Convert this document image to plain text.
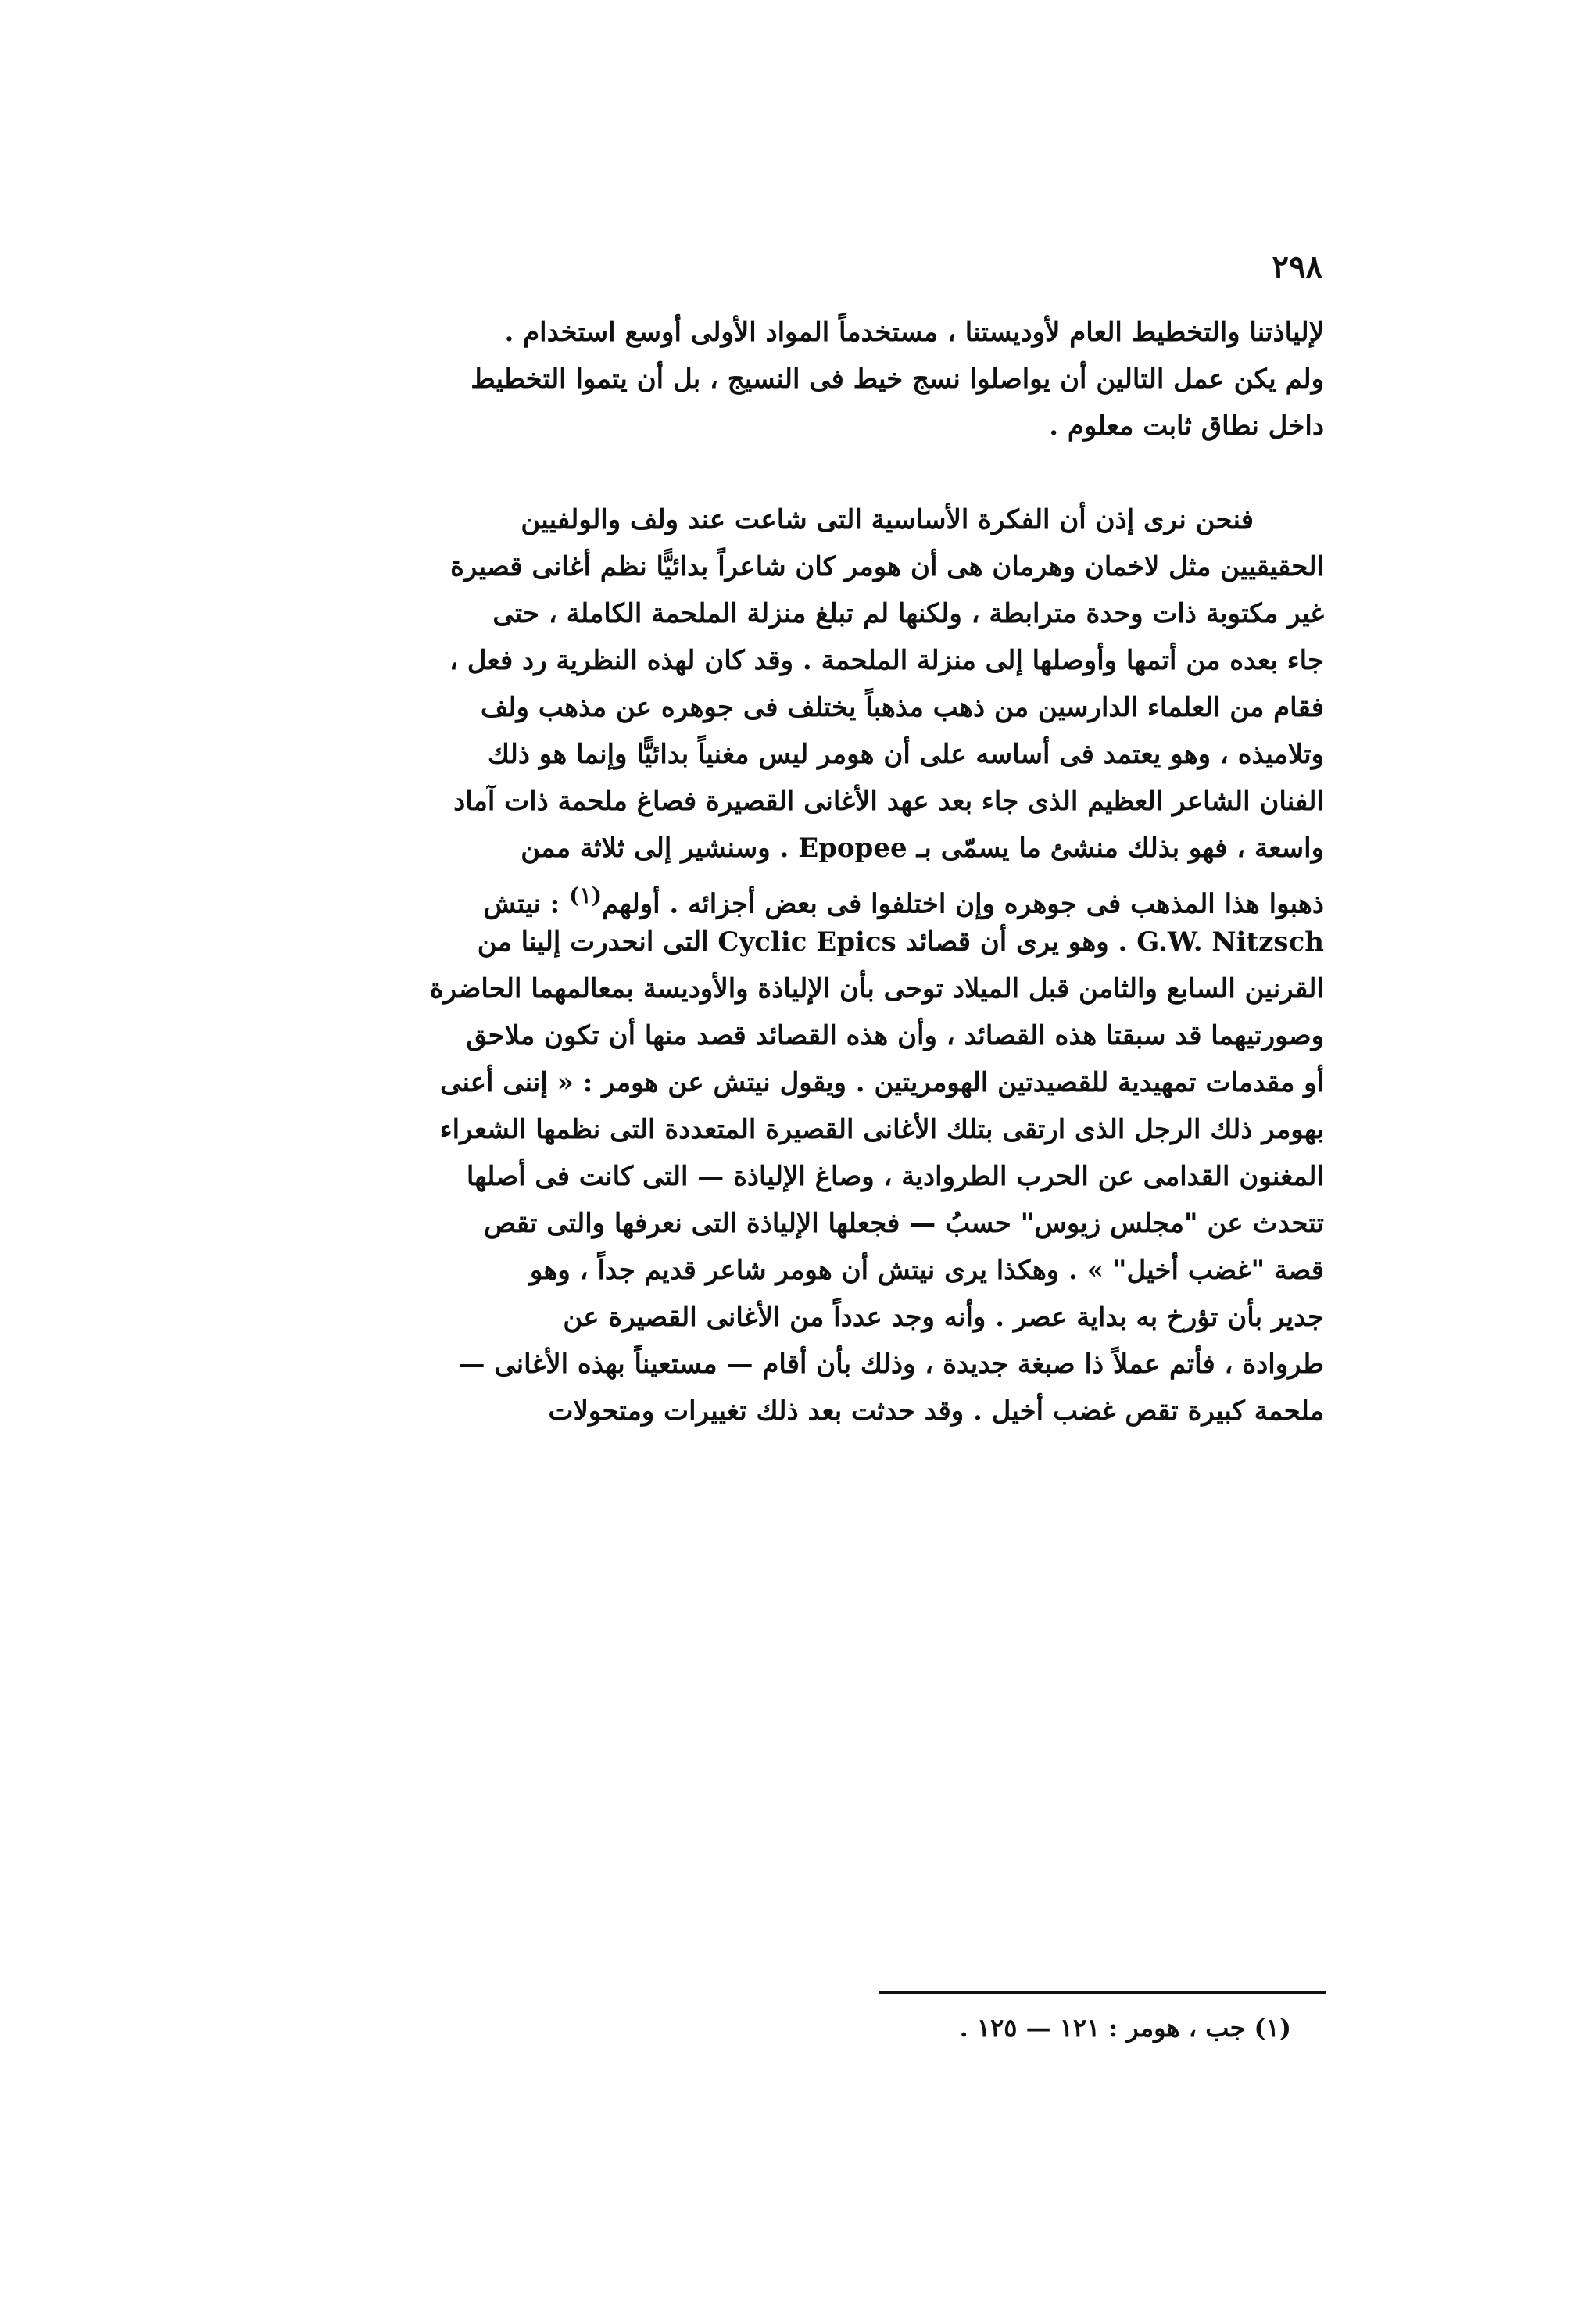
٢٩٨
لإلياذتنا والتخطيط العام لأوديستنا ، مستخدماً المواد الأولى أوسع استخدام .
ولم يكن عمل التالين أن يواصلوا نسج خيط فى النسيج ، بل أن يتموا التخطيط
داخل نطاق ثابت معلوم .
فنحن نرى إذن أن الفكرة الأساسية التى شاعت عند ولف والولفيين
الحقيقيين مثل لاخمان وهرمان هى أن هومر كان شاعراً بدائيًّا نظم أغانى قصيرة
غير مكتوبة ذات وحدة مترابطة ، ولكنها لم تبلغ منزلة الملحمة الكاملة ، حتى
جاء بعده من أتمها وأوصلها إلى منزلة الملحمة . وقد كان لهذه النظرية رد فعل ،
فقام من العلماء الدارسين من ذهب مذهباً يختلف فى جوهره عن مذهب ولف
وتلاميذه ، وهو يعتمد فى أساسه على أن هومر ليس مغنياً بدائيًّا وإنما هو ذلك
الفنان الشاعر العظيم الذى جاء بعد عهد الأغانى القصيرة فصاغ ملحمة ذات آماد
واسعة ، فهو بذلك منشئ ما يسمّى بـ Epopee . وسنشير إلى ثلاثة ممن
ذهبوا هذا المذهب فى جوهره وإن اختلفوا فى بعض أجزائه . أولهم$^{(١)}$ : نيتش
G.W. Nitzsch . وهو يرى أن قصائد Cyclic Epics التى انحدرت إلينا من
القرنين السابع والثامن قبل الميلاد توحى بأن الإلياذة والأوديسة بمعالمهما الحاضرة
وصورتيهما قد سبقتا هذه القصائد ، وأن هذه القصائد قصد منها أن تكون ملاحق
أو مقدمات تمهيدية للقصيدتين الهومريتين . ويقول نيتش عن هومر : « إننى أعنى
بهومر ذلك الرجل الذى ارتقى بتلك الأغانى القصيرة المتعددة التى نظمها الشعراء
المغنون القدامى عن الحرب الطروادية ، وصاغ الإلياذة — التى كانت فى أصلها
تتحدث عن "مجلس زيوس" حسبُ — فجعلها الإلياذة التى نعرفها والتى تقص
قصة "غضب أخيل" » . وهكذا يرى نيتش أن هومر شاعر قديم جداً ، وهو
جدير بأن تؤرخ به بداية عصر . وأنه وجد عدداً من الأغانى القصيرة عن
طروادة ، فأتم عملاً ذا صبغة جديدة ، وذلك بأن أقام — مستعيناً بهذه الأغانى —
ملحمة كبيرة تقص غضب أخيل . وقد حدثت بعد ذلك تغييرات ومتحولات
(١) جب ، هومر : ١٢١ — ١٢٥ .
